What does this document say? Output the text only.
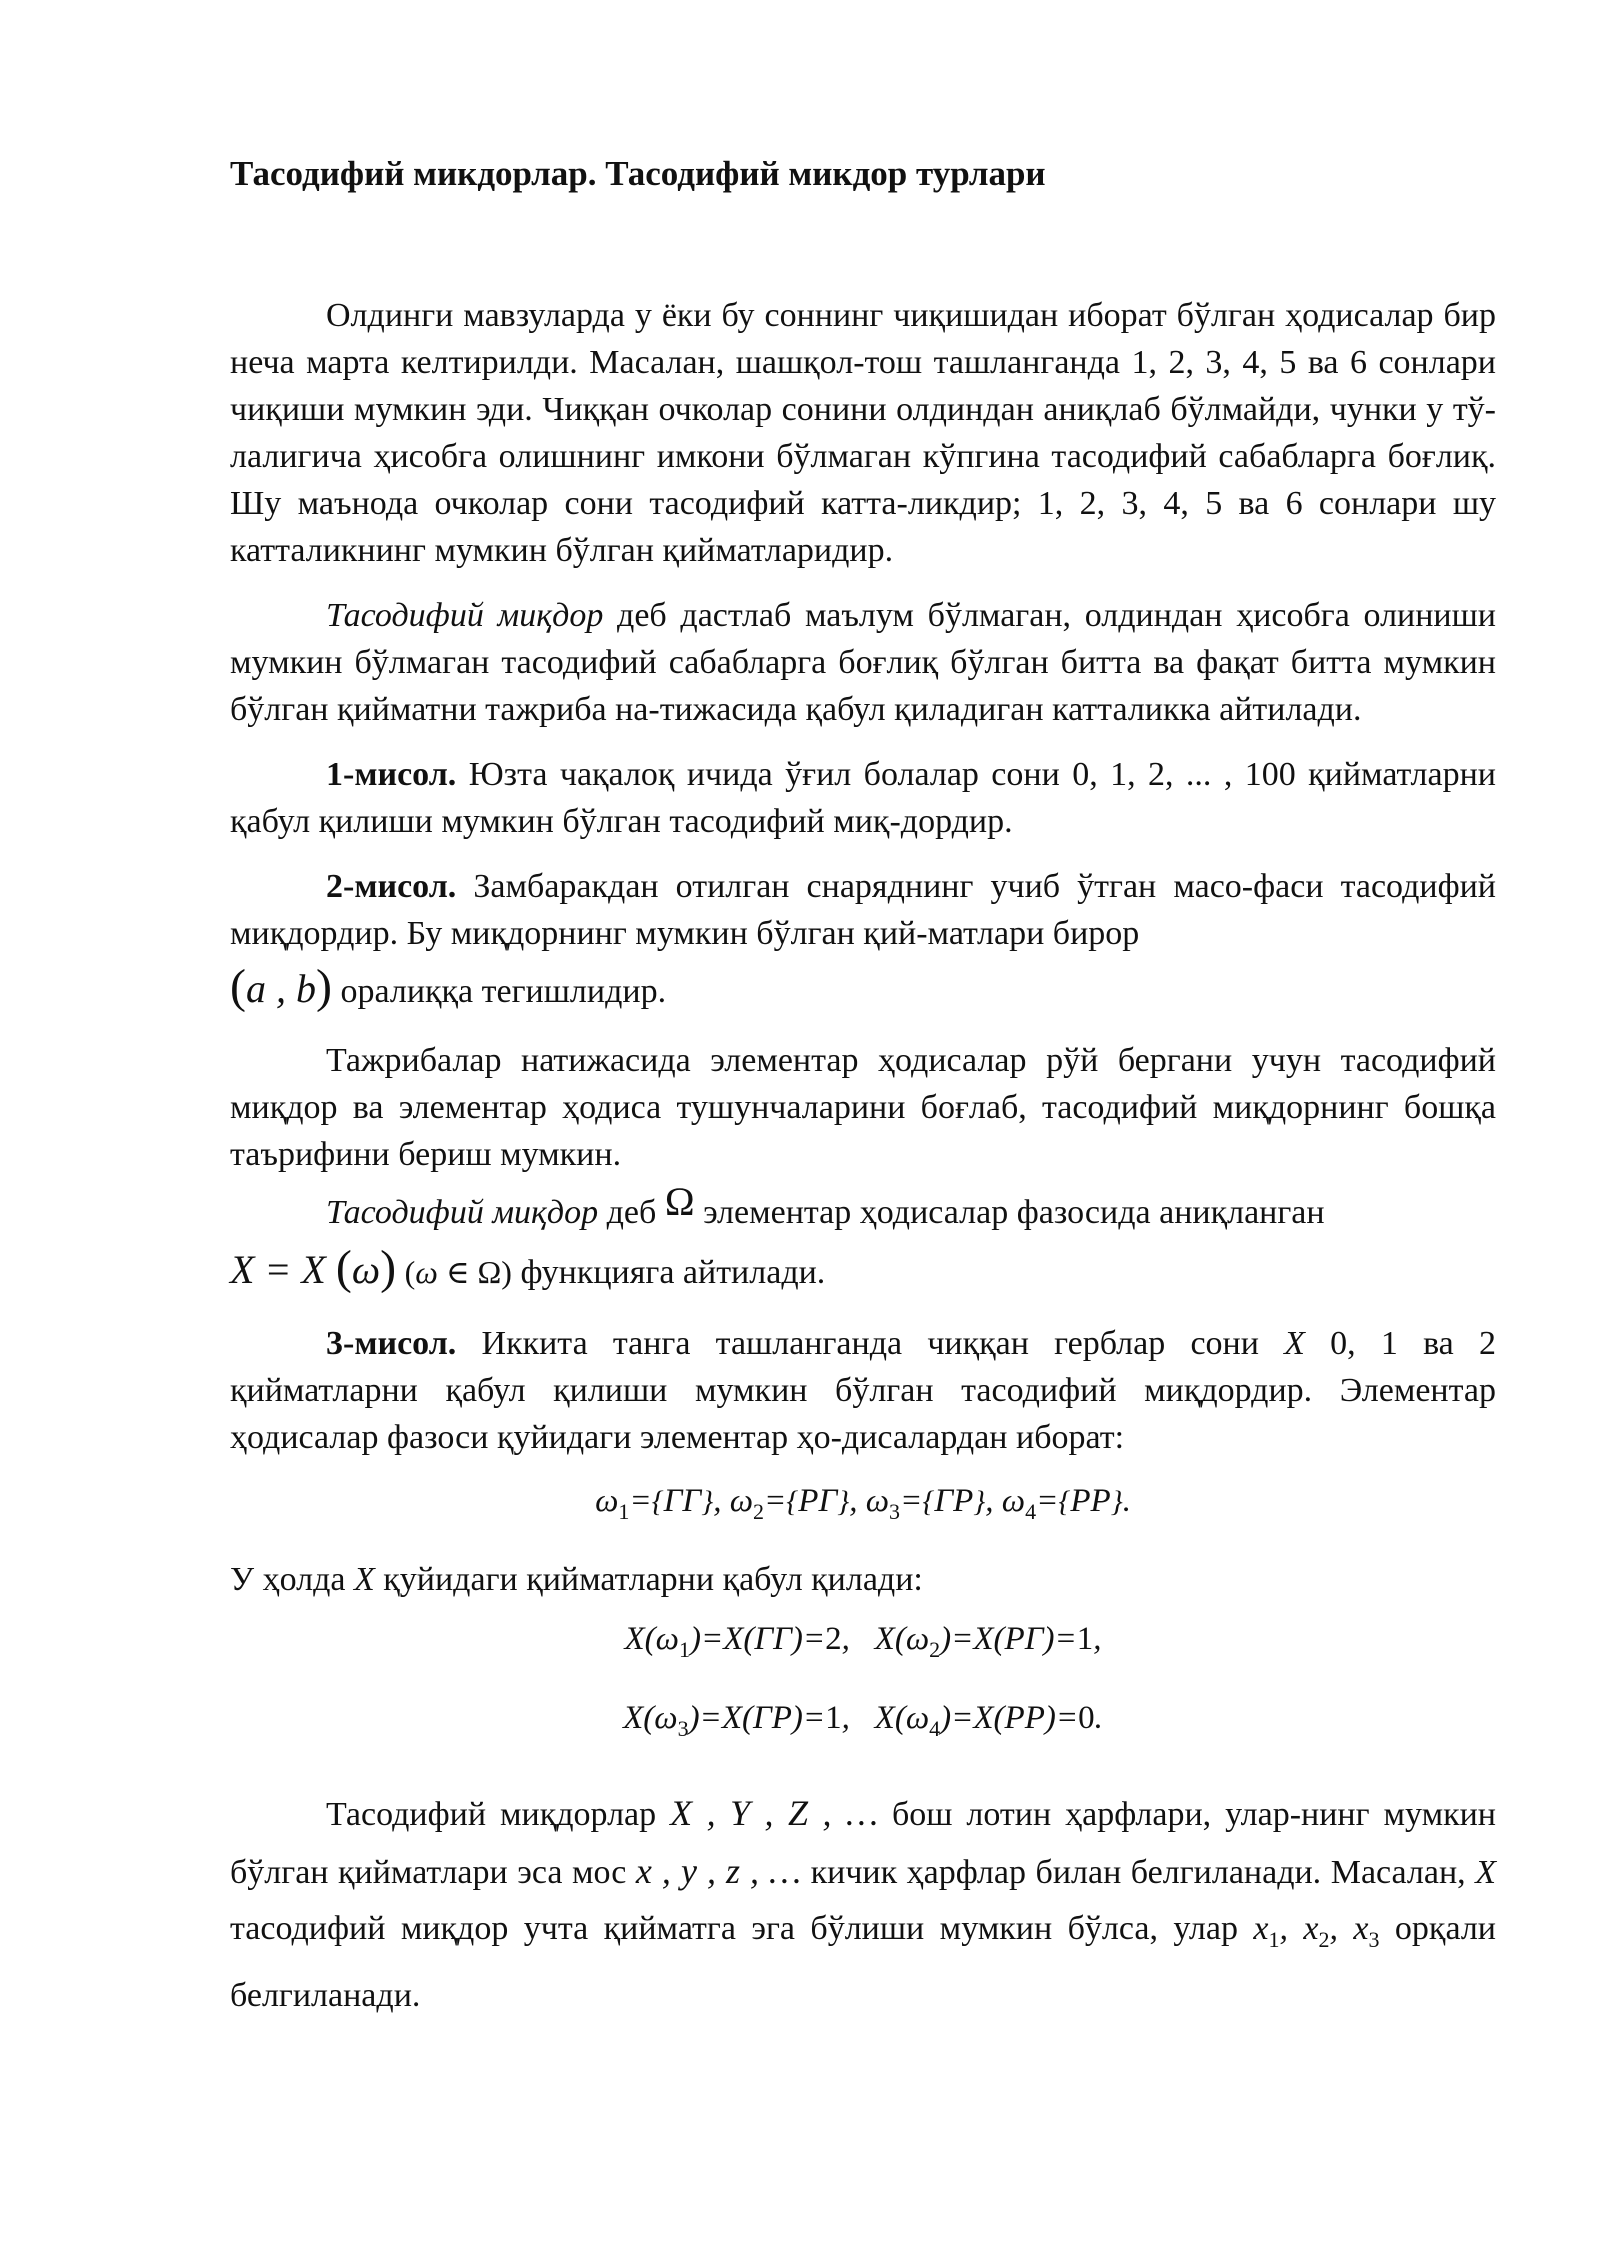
Тасодифий микдорлар. Тасодифий микдор турлари

Олдинги мавзуларда у ёки бу соннинг чиқишидан иборат бўлган ҳодисалар бир неча марта келтирилди. Масалан, шашқол-тош ташланганда 1, 2, 3, 4, 5 ва 6 сонлари чиқиши мумкин эди. Чиққан очколар сонини олдиндан аниқлаб бўлмайди, чунки у тў-лалигича ҳисобга олишнинг имкони бўлмаган кўпгина тасодифий сабабларга боғлиқ. Шу маънода очколар сони тасодифий катта-ликдир; 1, 2, 3, 4, 5 ва 6 сонлари шу катталикнинг мумкин бўлган қийматларидир.

Тасодифий миқдор деб дастлаб маълум бўлмаган, олдиндан ҳисобга олиниши мумкин бўлмаган тасодифий сабабларга боғлиқ бўлган битта ва фақат битта мумкин бўлган қийматни тажриба на-тижасида қабул қиладиган катталикка айтилади.

1-мисол. Юзта чақалоқ ичида ўғил болалар сони 0, 1, 2, ... , 100 қийматларни қабул қилиши мумкин бўлган тасодифий миқ-дордир.

2-мисол. Замбаракдан отилган снаряднинг учиб ўтган масо-фаси тасодифий миқдордир. Бу миқдорнинг мумкин бўлган қий-матлари бирор
(a , b) оралиққа тегишлидир.

Тажрибалар натижасида элементар ҳодисалар рўй бергани учун тасодифий миқдор ва элементар ҳодиса тушунчаларини боғлаб, тасодифий миқдорнинг бошқа таърифини бериш мумкин.

Тасодифий миқдор деб Ω элементар ҳодисалар фазосида аниқланган
X = X (ω) (ω ∈ Ω) функцияга айтилади.

3-мисол. Иккита танга ташланганда чиққан герблар сони X 0, 1 ва 2 қийматларни қабул қилиши мумкин бўлган тасодифий миқдордир. Элементар ҳодисалар фазоси қуйидаги элементар ҳо-дисалардан иборат:

$\omega_1=\{ГГ\}$, $\omega_2=\{РГ\}$, $\omega_3=\{ГР\}$, $\omega_4=\{РР\}$.

У ҳолда X қуйидаги қийматларни қабул қилади:

$X(\omega_1)=X(ГГ)=2$,   $X(\omega_2)=X(РГ)=1$,
$X(\omega_3)=X(ГР)=1$,   $X(\omega_4)=X(РР)=0$.

Тасодифий миқдорлар X , Y , Z , … бош лотин ҳарфлари, улар-нинг мумкин бўлган қийматлари эса мос x , y , z , … кичик ҳарфлар билан белгиланади. Масалан, X тасодифий миқдор учта қийматга эга бўлиши мумкин бўлса, улар $x_1$, $x_2$, $x_3$ орқали белгиланади.
